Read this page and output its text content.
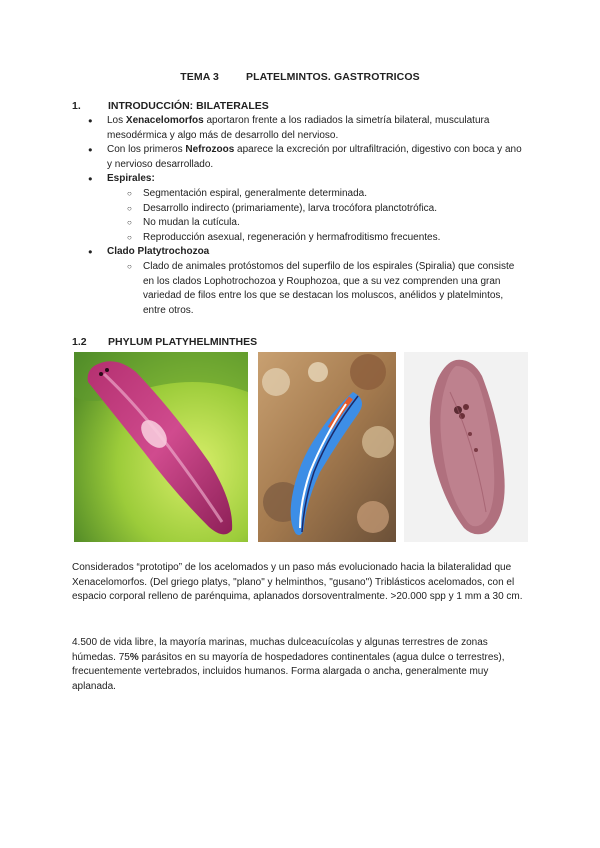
TEMA 3	PLATELMINTOS. GASTROTRICOS
1.	INTRODUCCIÓN: BILATERALES
● Los Xenacelomorfos aportaron frente a los radiados la simetría bilateral, musculatura mesodérmica y algo más de desarrollo del nervioso.
● Con los primeros Nefrozoos aparece la excreción por ultrafiltración, digestivo con boca y ano y nervioso desarrollado.
● Espirales:
○ Segmentación espiral, generalmente determinada.
○ Desarrollo indirecto (primariamente), larva trocófora planctotrófica.
○ No mudan la cutícula.
○ Reproducción asexual, regeneración y hermafroditismo frecuentes.
● Clado Platytrochozoa
○ Clado de animales protóstomos del superfilo de los espirales (Spiralia) que consiste en los clados Lophotrochozoa y Rouphozoa, que a su vez comprenden una gran variedad de filos entre los que se destacan los moluscos, anélidos y platelmintos, entre otros.
1.2 PHYLUM PLATYHELMINTHES
Considerados “prototipo” de los acelomados y un paso más evolucionado hacia la bilateralidad que Xenacelomorfos. (Del griego platys, "plano" y helminthos, "gusano") Triblásticos acelomados, con el espacio corporal relleno de parénquima, aplanados dorsoventralmente. >20.000 spp y 1 mm a 30 cm.
4.500 de vida libre, la mayoría marinas, muchas dulceacuícolas y algunas terrestres de zonas húmedas. 75% parásitos en su mayoría de hospedadores continentales (agua dulce o terrestres), frecuentemente vertebrados, incluidos humanos. Forma alargada o ancha, generalmente muy aplanada.
